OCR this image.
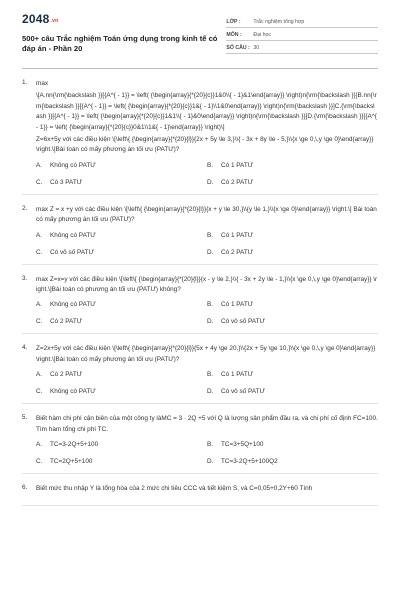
2048.vn
500+ câu Trắc nghiệm Toán ứng dụng trong kinh tế có đáp án - Phần 20
LỚP :	Trắc nghiệm tổng hợp
MÔN :	Đại học
SỐ CÂU : 30
1.	max

\[A.nn{\rm{\backslash }}[{A^{ - 1}} = \left( {\begin{array}{*{20}{c}}1&0\\{ - 1}&1\end{array}} \right)n{\rm{\backslash }}]B.nn{\rm{\backslash }}[{A^{ - 1}} = \left( {\begin{array}{*{20}{c}}1&{ - 1}\\1&0\end{array}} \right)n{\rm{\backslash }}]C.{\rm{\backslash }}[{A^{ - 1}} = \left( {\begin{array}{*{20}{c}}1&1\\{ - 1}&0\end{array}} \right)n{\rm{\backslash }}]D.{\rm{\backslash }}[{A^{ - 1}} = \left( {\begin{array}{*{20}{c}}0&1\\1&{ - 1}\end{array}} \right)\]

Z=6x+5y với các điều kiện \[\left\{ {\begin{array}{*{20}{l}}{2x + 5y \le 3,}\\{ - 3x + 8y \le - 5,}\\{x \ge 0,\,y \ge 0}\end{array}} \right.\]Bài toán có mấy phương án tối ưu (PATƯ)?

A.	Không có PATƯ	B.	Có 1 PATƯ
C.	Có 3 PATƯ	D.	Có 2 PATƯ
2.	max Z = x +y với các điều kiện \[\left\{ {\begin{array}{*{20}{l}}{x + y \le 30,}\\{y \le 1,}\\{x \ge 0}\end{array}} \right.\] Bài toán có mấy phương án tối ưu (PATƯ)?

A.	Không có PATƯ	B.	Có 1 PATƯ
C.	Có vô số PATƯ	D.	Có 2 PATƯ
3.	max Z=x=y với các điều kiện \[\left\{ {\begin{array}{*{20}{l}}{x - y \le 2,}\\{ - 3x + 2y \le - 1,}\\{x \ge 0,\,y \ge 0}\end{array}} \right.\]Bài toán có phương án tối ưu (PATƯ) không?

A.	Không có PATƯ	B.	Có 1 PATƯ
C.	Có 2 PATƯ	D.	Có vô số PATƯ
4.	Z=2x+5y với các điều kiện \[\left\{ {\begin{array}{*{20}{l}}{5x + 4y \ge 20,}\\{2x + 5y \ge 10,}\\{x \ge 0,\,y \ge 0}\end{array}} \right.\]Bài toán có mấy phương án tối ưu (PATƯ)?

A.	Có 2 PATƯ	B.	Có 1 PATƯ
C.	Không có PATƯ	D.	Có vô số PATƯ
5.	Biết hàm chi phí cận biên của một công ty làMC = 3 · 2Q +5 với Q là lượng sản phẩm đầu ra, và chi phí cố định FC=100. Tìm hàm tổng chi phí TC.

A.	TC=3-2Q+5+100	B.	TC=3+5Q+100
C.	TC=2Q+5+100	D.	TC=3-2Q+5+100Q2
6.	Biết mức thu nhập Y là tổng hòa của 2 mức chi tiêu CCC và tiết kiệm S, và C=0,05+0,2Y+60 Tính
